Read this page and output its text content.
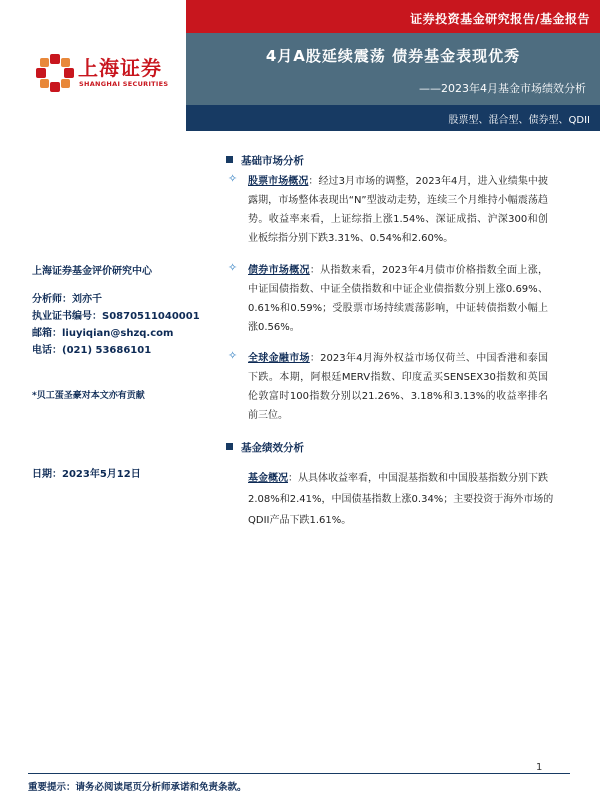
证券投资基金研究报告/基金报告
4月A股延续震荡 债券基金表现优秀
——2023年4月基金市场绩效分析
股票型、混合型、债券型、QDII
上海证券
SHANGHAI SECURITIES
上海证券基金评价研究中心
分析师：刘亦千
执业证书编号：S0870511040001
邮箱：liuyiqian@shzq.com
电话：(021) 53686101
*贝工蛋圣豪对本文亦有贡献
日期：2023年5月12日
基础市场分析
✧ 股票市场概况：经过3月市场的调整，2023年4月，进入业绩集中披露期，市场整体表现出“N”型波动走势，连续三个月维持小幅震荡趋势。收益率来看，上证综指上涨1.54%、深证成指、沪深300和创业板综指分别下跌3.31%、0.54%和2.60%。
✧ 债券市场概况：从指数来看，2023年4月债市价格指数全面上涨，中证国债指数、中证全债指数和中证企业债指数分别上涨0.69%、0.61%和0.59%；受股票市场持续震荡影响，中证转债指数小幅上涨0.56%。
✧ 全球金融市场：2023年4月海外权益市场仅荷兰、中国香港和泰国下跌。本期，阿根廷MERV指数、印度孟买SENSEX30指数和英国伦敦富时100指数分别以21.26%、3.18%和3.13%的收益率排名前三位。
基金绩效分析
基金概况：从具体收益率看，中国混基指数和中国股基指数分别下跌2.08%和2.41%，中国债基指数上涨0.34%；主要投资于海外市场的QDII产品下跌1.61%。
1
重要提示：请务必阅读尾页分析师承诺和免责条款。
